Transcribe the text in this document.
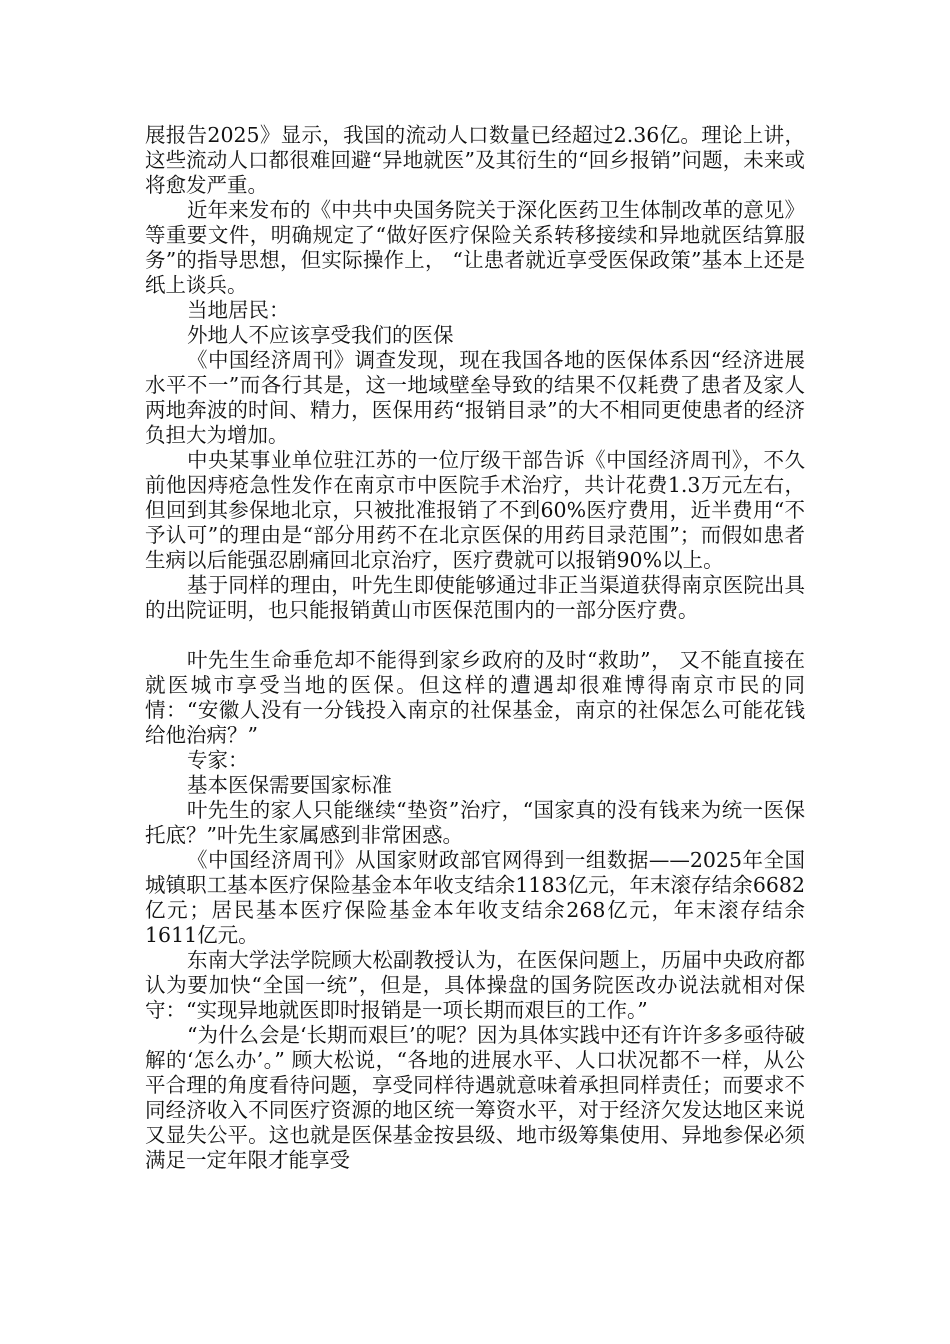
展报告2025》显示，我国的流动人口数量已经超过2.36亿。理论上讲，这些流动人口都很难回避“异地就医”及其衍生的“回乡报销”问题，未来或将愈发严重。

近年来发布的《中共中央国务院关于深化医药卫生体制改革的意见》等重要文件，明确规定了“做好医疗保险关系转移接续和异地就医结算服务”的指导思想，但实际操作上， “让患者就近享受医保政策”基本上还是纸上谈兵。

当地居民：

外地人不应该享受我们的医保

《中国经济周刊》调查发现，现在我国各地的医保体系因“经济进展水平不一”而各行其是，这一地域壁垒导致的结果不仅耗费了患者及家人两地奔波的时间、精力，医保用药“报销目录”的大不相同更使患者的经济负担大为增加。

中央某事业单位驻江苏的一位厅级干部告诉《中国经济周刊》，不久前他因痔疮急性发作在南京市中医院手术治疗，共计花费1.3万元左右，但回到其参保地北京，只被批准报销了不到60%医疗费用，近半费用“不予认可”的理由是“部分用药不在北京医保的用药目录范围”；而假如患者生病以后能强忍剧痛回北京治疗，医疗费就可以报销90%以上。

基于同样的理由，叶先生即使能够通过非正当渠道获得南京医院出具的出院证明，也只能报销黄山市医保范围内的一部分医疗费。

叶先生生命垂危却不能得到家乡政府的及时“救助”， 又不能直接在就医城市享受当地的医保。但这样的遭遇却很难博得南京市民的同情：“安徽人没有一分钱投入南京的社保基金，南京的社保怎么可能花钱给他治病？”

专家：

基本医保需要国家标准

叶先生的家人只能继续“垫资”治疗，“国家真的没有钱来为统一医保托底？”叶先生家属感到非常困惑。

《中国经济周刊》从国家财政部官网得到一组数据——2025年全国城镇职工基本医疗保险基金本年收支结余1183亿元，年末滚存结余6682亿元；居民基本医疗保险基金本年收支结余268亿元，年末滚存结余1611亿元。

东南大学法学院顾大松副教授认为，在医保问题上，历届中央政府都认为要加快“全国一统”，但是，具体操盘的国务院医改办说法就相对保守：“实现异地就医即时报销是一项长期而艰巨的工作。”

“为什么会是‘长期而艰巨’的呢？因为具体实践中还有许许多多亟待破解的‘怎么办’。” 顾大松说，“各地的进展水平、人口状况都不一样，从公平合理的角度看待问题，享受同样待遇就意味着承担同样责任；而要求不同经济收入不同医疗资源的地区统一筹资水平，对于经济欠发达地区来说又显失公平。这也就是医保基金按县级、地市级筹集使用、异地参保必须满足一定年限才能享受
